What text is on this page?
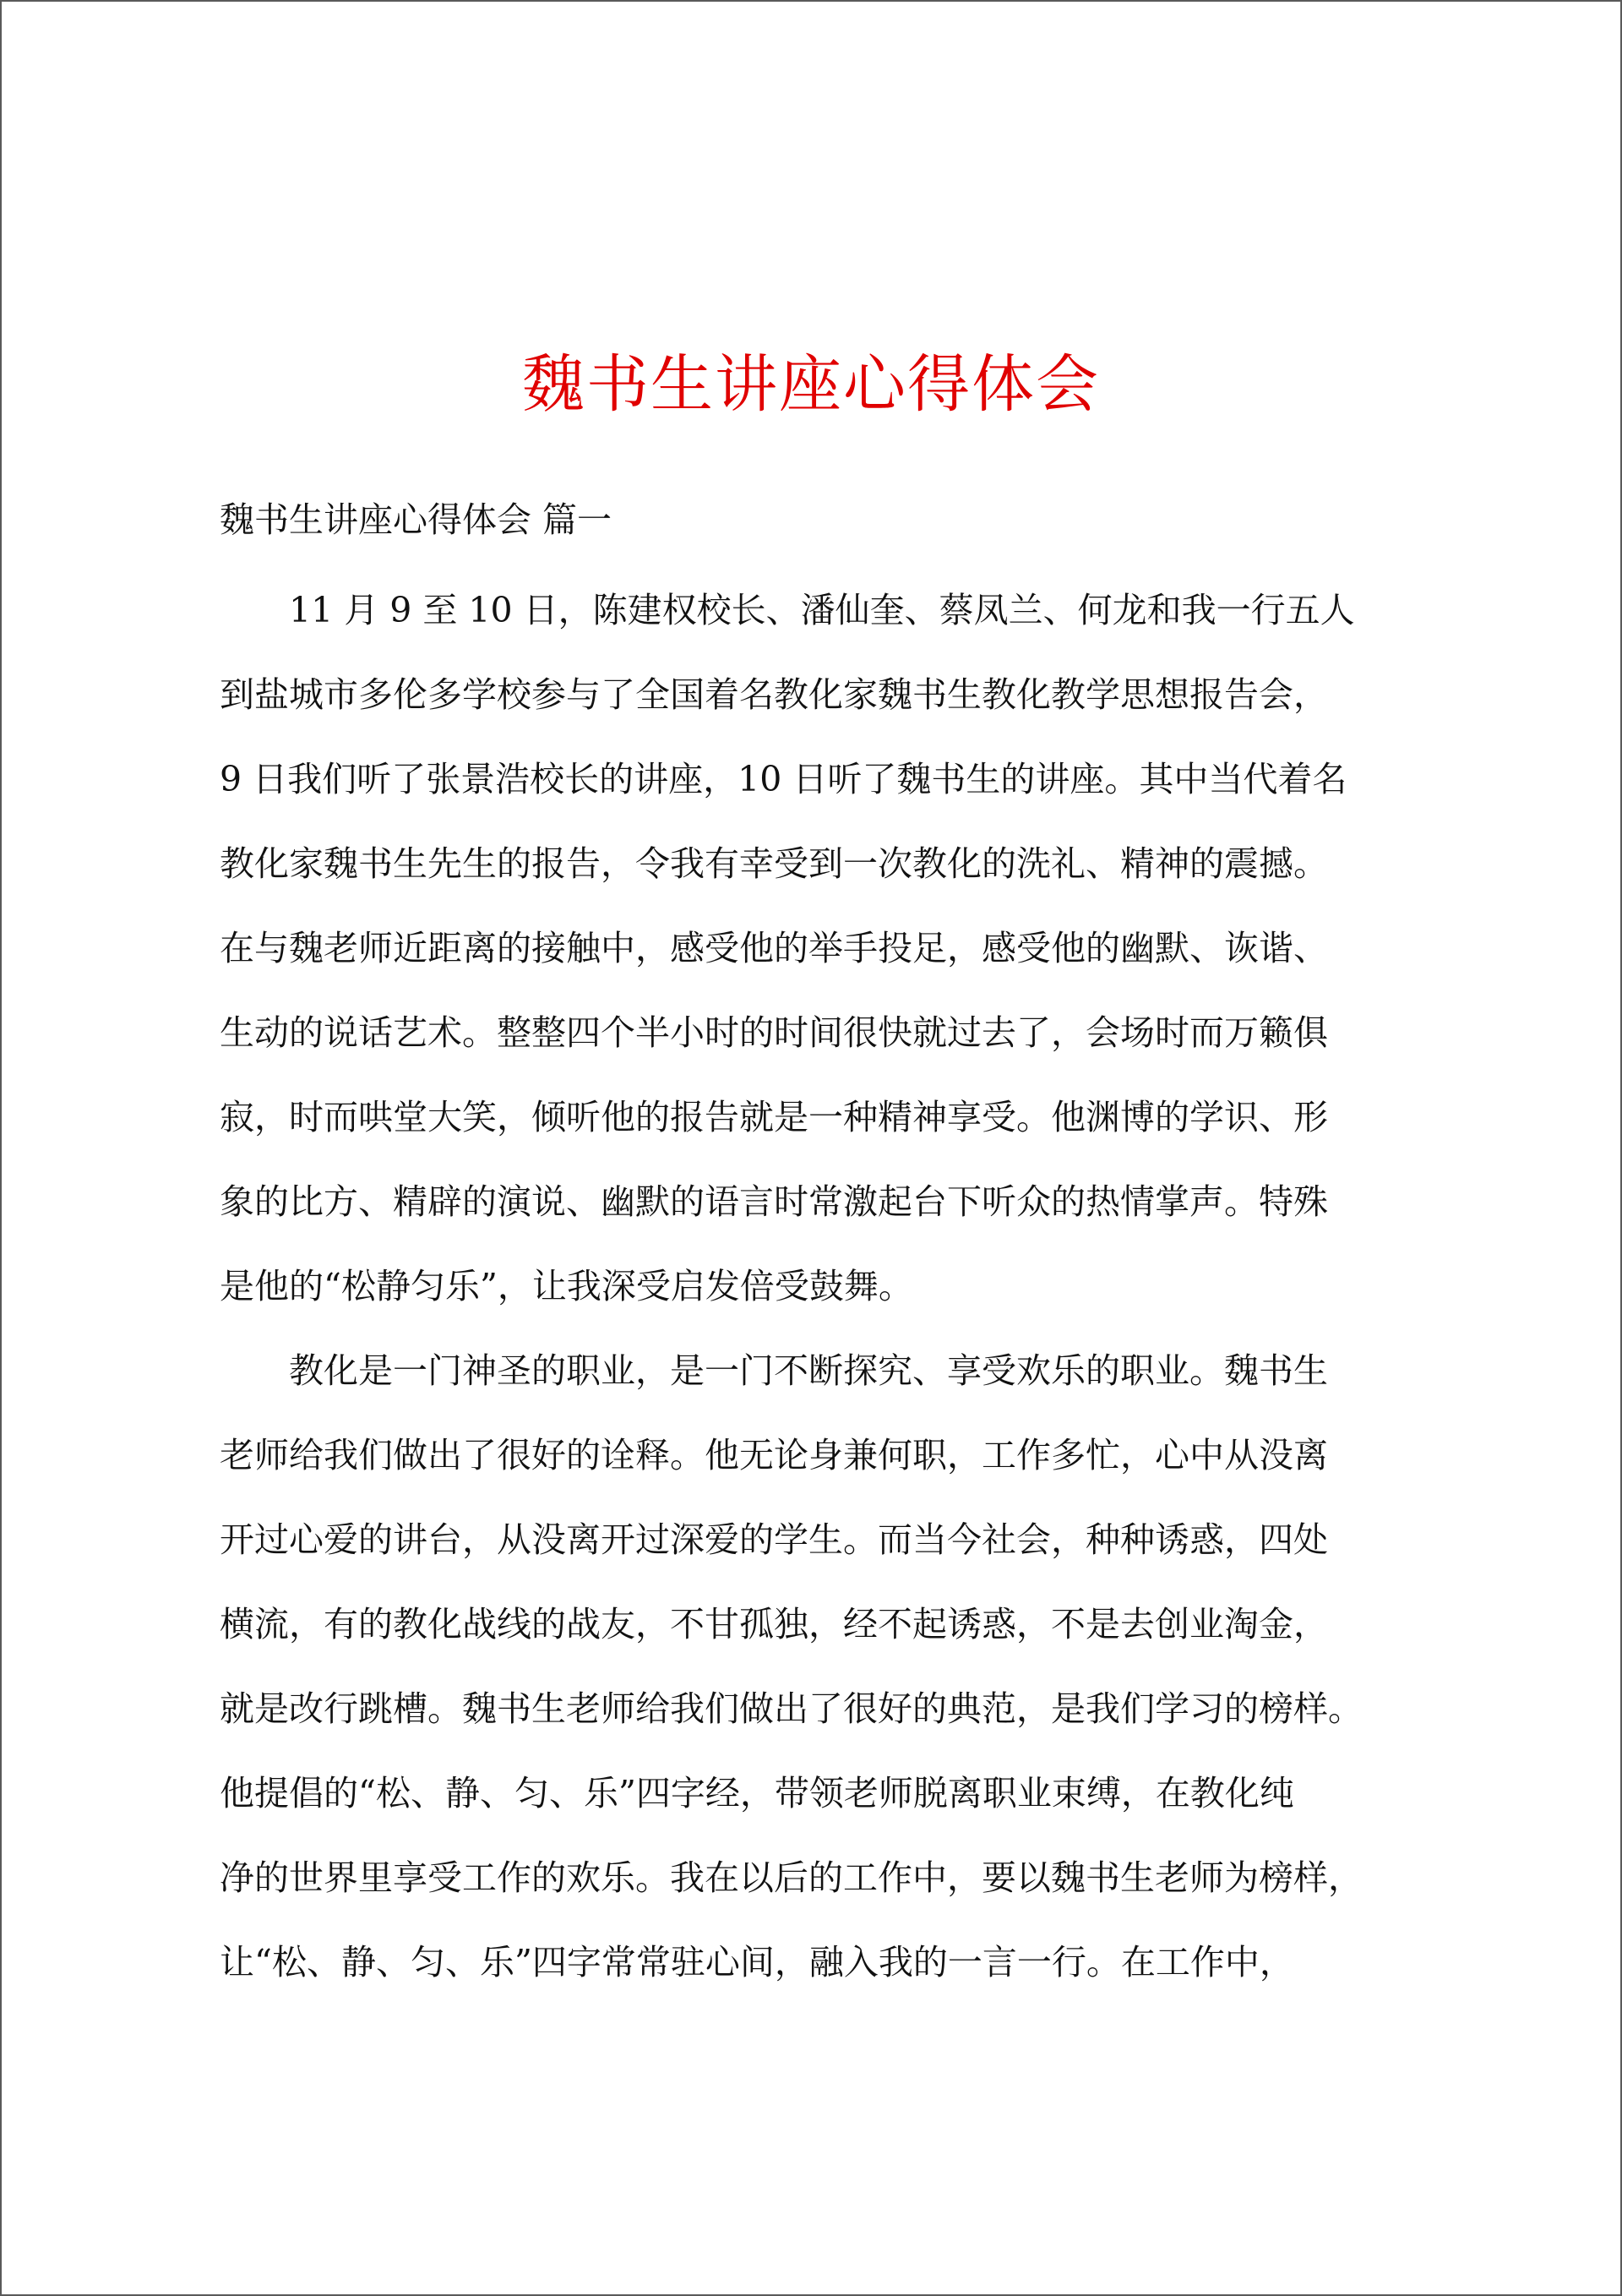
魏书生讲座心得体会

魏书生讲座心得体会 篇一

11 月 9 至 10 日，陈建权校长、潘仙奎、蔡凤兰、何龙和我一行五人
到盐城市多伦多学校参与了全国着名教化家魏书生教化教学思想报告会，
9 日我们听了张景浩校长的讲座，10 日听了魏书生的讲座。其中当代着名
教化家魏书生先生的报告，令我有幸受到一次教化的洗礼、精神的震撼。
在与魏老师近距离的接触中，感受他的举手投足，感受他的幽默、诙谐、
生动的说话艺术。整整四个半小时的时间很快就过去了，会场时而万籁俱
寂，时而哄堂大笑，倾听他的报告就是一种精神享受。他渊博的学识、形
象的比方、精辟的演说、幽默的语言时常激起台下听众的热情掌声。特殊
是他的“松静匀乐”，让我深受启发倍受鼓舞。

教化是一门神圣的职业，是一门不断探究、享受欢乐的职业。魏书生
老师给我们做出了很好的诠释。他无论身兼何职，工作多忙，心中从没离
开过心爱的讲台，从没离开过深爱的学生。而当今社会，种种诱惑，四处
横流，有的教化战线的战友，不甘孤独，经不起诱惑，不是去创业淘金，
就是改行跳槽。魏书生老师给我们做出了很好的典范，是我们学习的榜样。
他提倡的“松、静、匀、乐”四字经，带领老师脱离职业束缚，在教化纯
净的世界里享受工作的欢乐。我在以后的工作中，要以魏书生老师为榜样，
让“松、静、匀、乐”四字常常驻心间，融入我的一言一行。在工作中，
